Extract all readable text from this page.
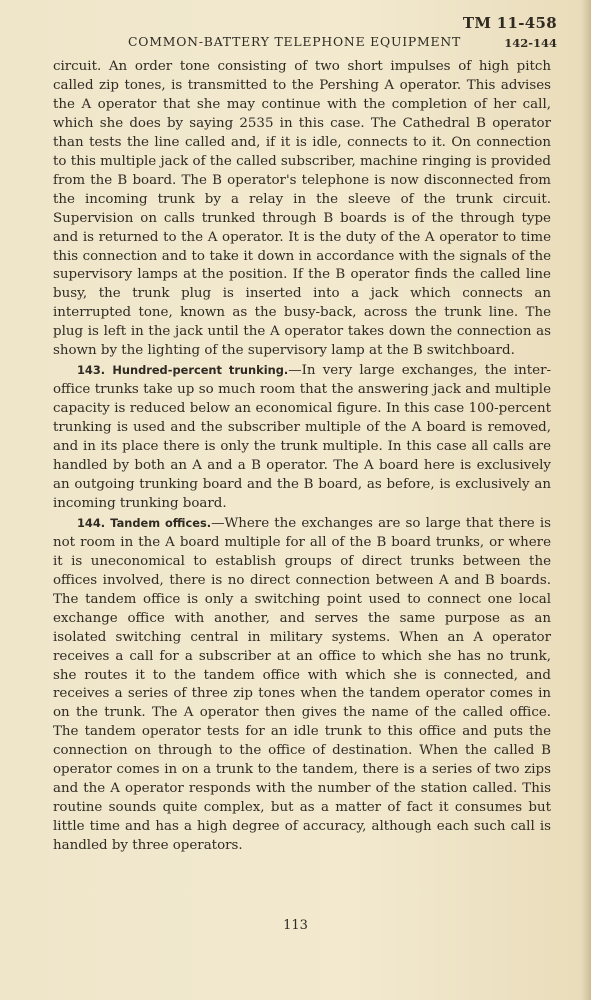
TM 11-458
COMMON-BATTERY TELEPHONE EQUIPMENT	142-144

circuit. An order tone consisting of two short impulses of high pitch called zip tones, is transmitted to the Pershing A operator. This advises the A operator that she may continue with the completion of her call, which she does by saying 2535 in this case. The Cathedral B operator than tests the line called and, if it is idle, connects to it. On connection to this multiple jack of the called subscriber, machine ringing is provided from the B board. The B operator's telephone is now disconnected from the incoming trunk by a relay in the sleeve of the trunk circuit. Supervision on calls trunked through B boards is of the through type and is returned to the A operator. It is the duty of the A operator to time this connection and to take it down in accordance with the signals of the supervisory lamps at the position. If the B operator finds the called line busy, the trunk plug is inserted into a jack which connects an interrupted tone, known as the busy-back, across the trunk line. The plug is left in the jack until the A operator takes down the connection as shown by the lighting of the supervisory lamp at the B switchboard.

143. Hundred-percent trunking.—In very large exchanges, the inter-office trunks take up so much room that the answering jack and multiple capacity is reduced below an economical figure. In this case 100-percent trunking is used and the subscriber multiple of the A board is removed, and in its place there is only the trunk multiple. In this case all calls are handled by both an A and a B operator. The A board here is exclusively an outgoing trunking board and the B board, as before, is exclusively an incoming trunking board.

144. Tandem offices.—Where the exchanges are so large that there is not room in the A board multiple for all of the B board trunks, or where it is uneconomical to establish groups of direct trunks between the offices involved, there is no direct connection between A and B boards. The tandem office is only a switching point used to connect one local exchange office with another, and serves the same purpose as an isolated switching central in military systems. When an A operator receives a call for a subscriber at an office to which she has no trunk, she routes it to the tandem office with which she is connected, and receives a series of three zip tones when the tandem operator comes in on the trunk. The A operator then gives the name of the called office. The tandem operator tests for an idle trunk to this office and puts the connection on through to the office of destination. When the called B operator comes in on a trunk to the tandem, there is a series of two zips and the A operator responds with the number of the station called. This routine sounds quite complex, but as a matter of fact it consumes but little time and has a high degree of accuracy, although each such call is handled by three operators.

113
